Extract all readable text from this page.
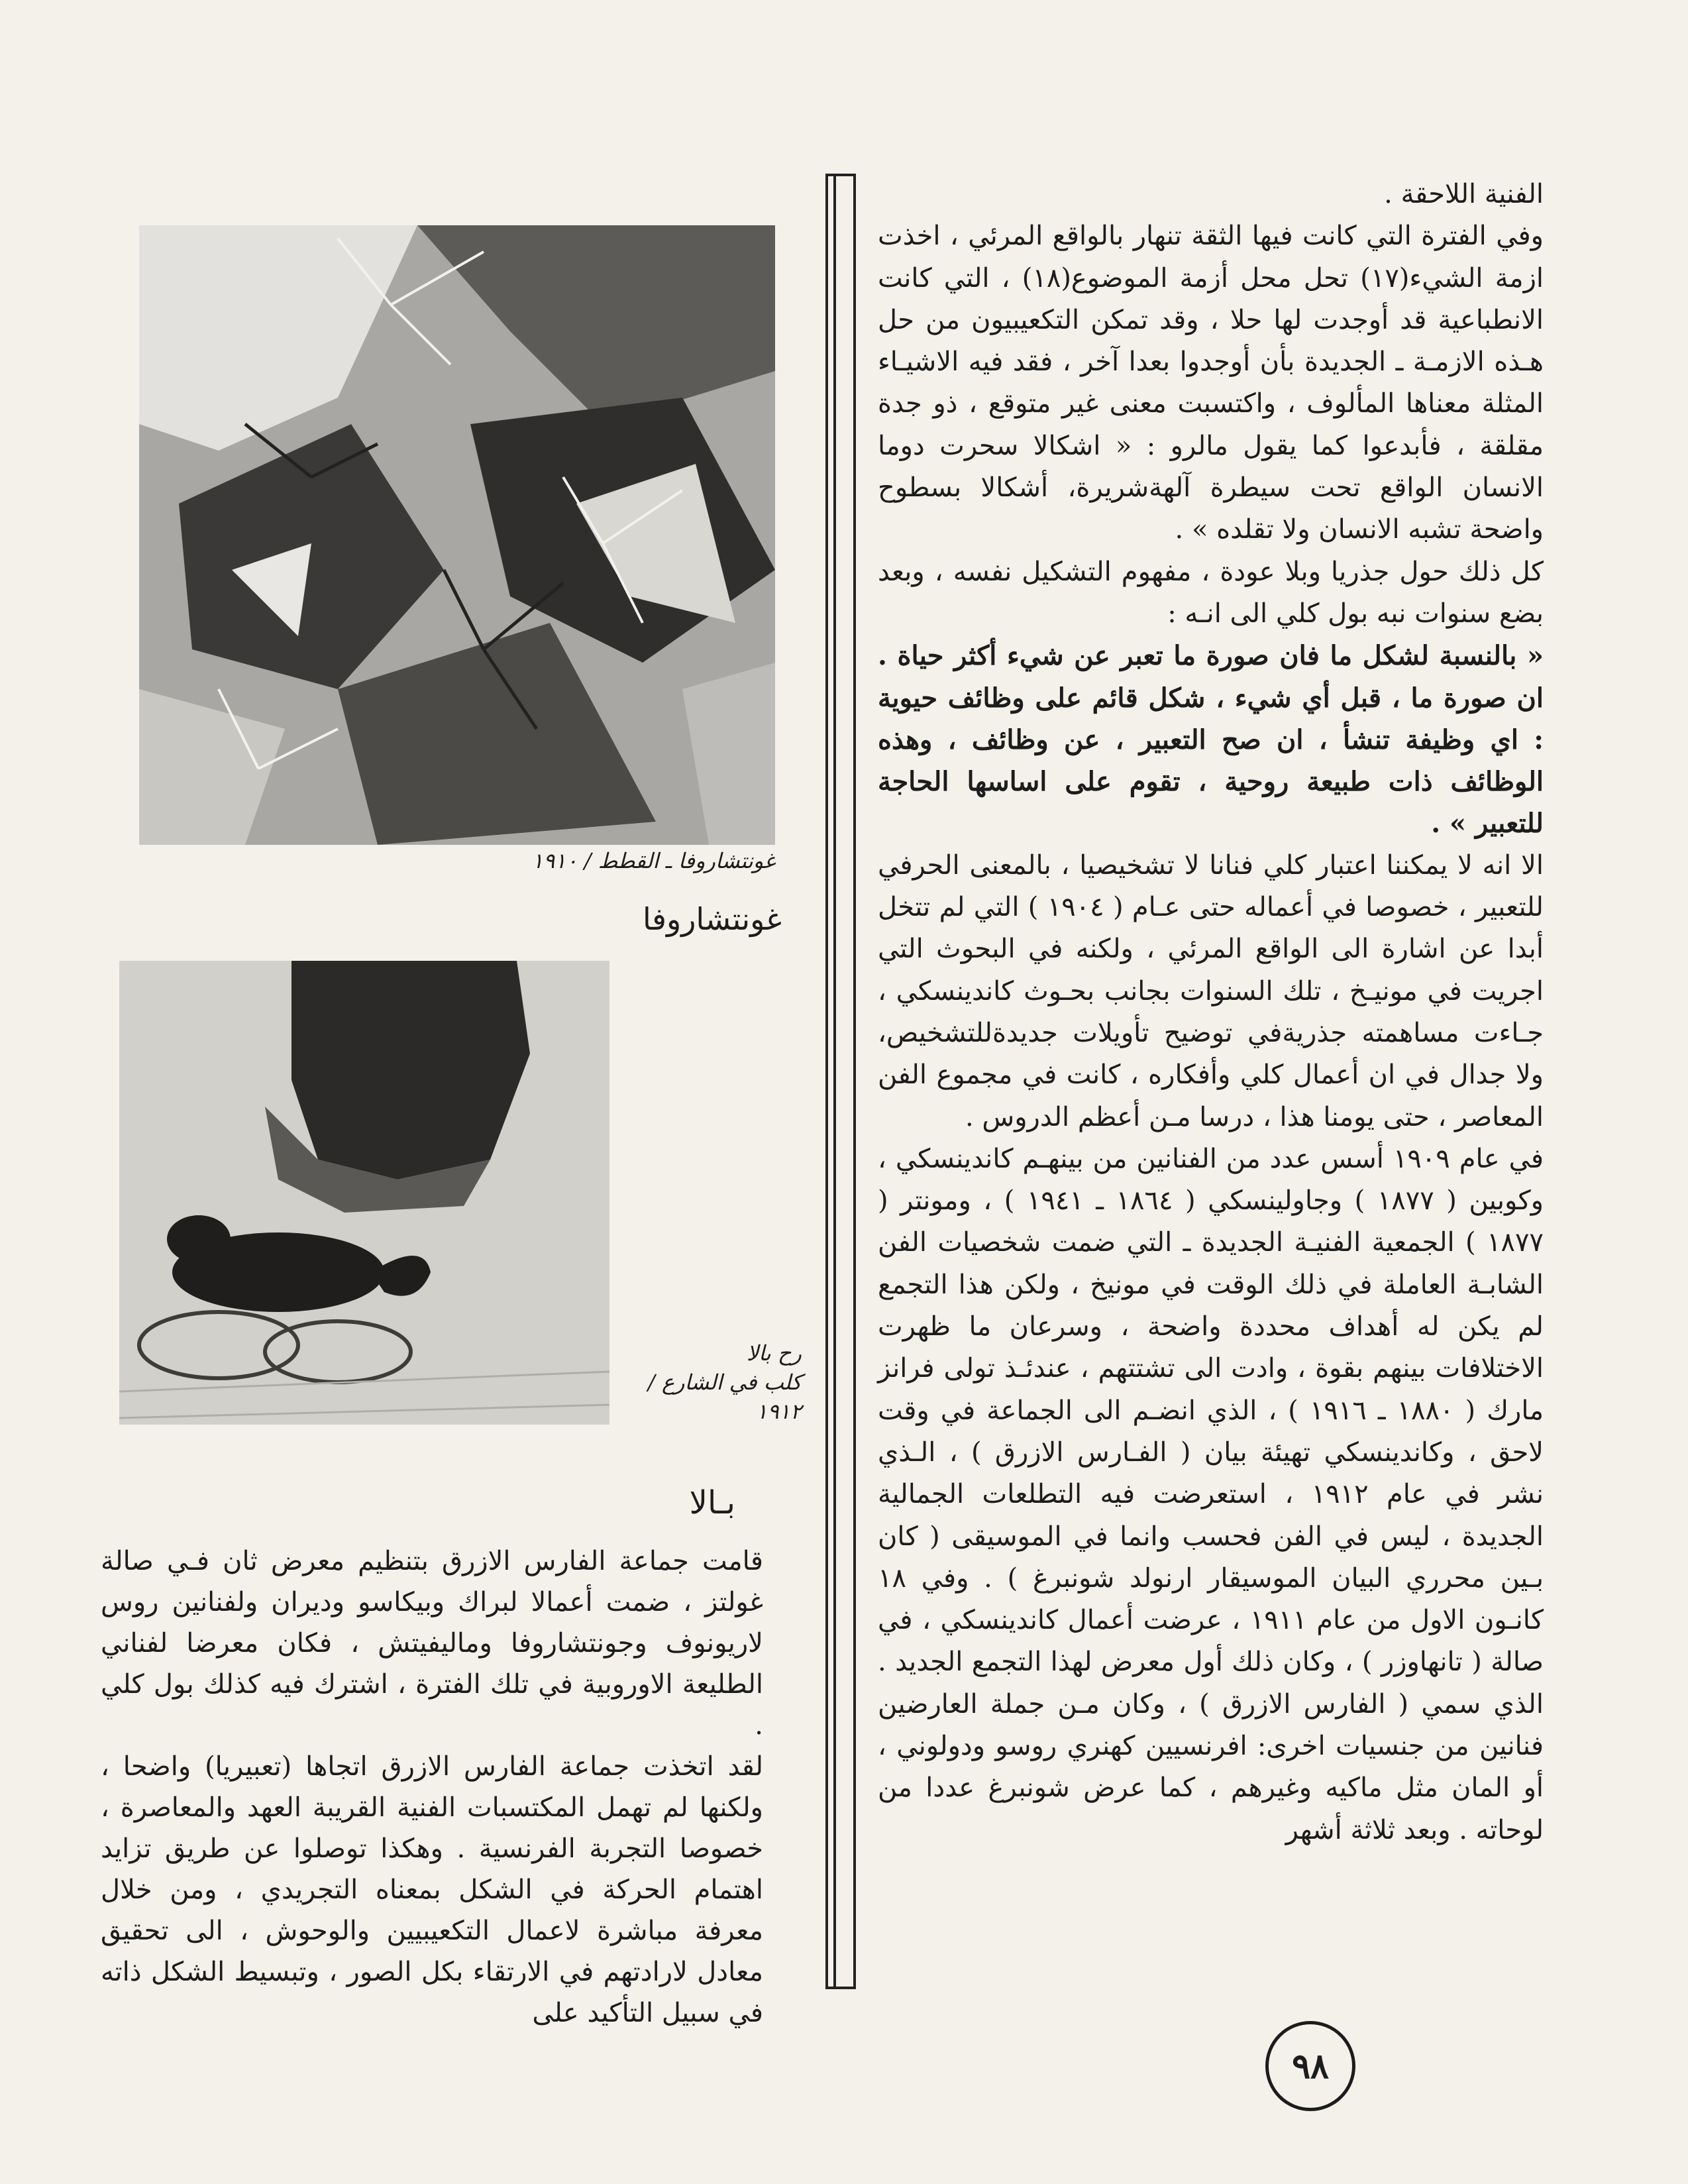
الفنية اللاحقة .

وفي الفترة التي كانت فيها الثقة تنهار بالواقع المرئي ، اخذت ازمة الشيء(١٧) تحل محل أزمة الموضوع(١٨) ، التي كانت الانطباعية قد أوجدت لها حلا ، وقد تمكن التكعيبيون من حل هـذه الازمـة ـ الجديدة بأن أوجدوا بعدا آخر ، فقد فيه الاشيـاء المثلة معناها المألوف ، واكتسبت معنى غير متوقع ، ذو جدة مقلقة ، فأبدعوا كما يقول مالرو : « اشكالا سحرت دوما الانسان الواقع تحت سيطرة آلهةشريرة، أشكالا بسطوح واضحة تشبه الانسان ولا تقلده » .

كل ذلك حول جذريا وبلا عودة ، مفهوم التشكيل نفسه ، وبعد بضع سنوات نبه بول كلي الى انـه :

« بالنسبة لشكل ما فان صورة ما تعبر عن شيء أكثر حياة . ان صورة ما ، قبل أي شيء ، شكل قائم على وظائف حيوية : اي وظيفة تنشأ ، ان صح التعبير ، عن وظائف ، وهذه الوظائف ذات طبيعة روحية ، تقوم على اساسها الحاجة للتعبير » .

الا انه لا يمكننا اعتبار كلي فنانا لا تشخيصيا ، بالمعنى الحرفي للتعبير ، خصوصا في أعماله حتى عـام ( ١٩٠٤ ) التي لم تتخل أبدا عن اشارة الى الواقع المرئي ، ولكنه في البحوث التي اجريت في مونيـخ ، تلك السنوات بجانب بحـوث كاندينسكي ، جـاءت مساهمته جذريةفي توضيح تأويلات جديدةللتشخيص، ولا جدال في ان أعمال كلي وأفكاره ، كانت في مجموع الفن المعاصر ، حتى يومنا هذا ، درسا مـن أعظم الدروس .

في عام ١٩٠٩ أسس عدد من الفنانين من بينهـم كاندينسكي ، وكوبين ( ١٨٧٧ ) وجاولينسكي ( ١٨٦٤ ـ ١٩٤١ ) ، ومونتر ( ١٨٧٧ ) الجمعية الفنيـة الجديدة ـ التي ضمت شخصيات الفن الشابـة العاملة في ذلك الوقت في مونيخ ، ولكن هذا التجمع لم يكن له أهداف محددة واضحة ، وسرعان ما ظهرت الاختلافات بينهم بقوة ، وادت الى تشتتهم ، عندئـذ تولى فرانز مارك ( ١٨٨٠ ـ ١٩١٦ ) ، الذي انضـم الى الجماعة في وقت لاحق ، وكاندينسكي تهيئة بيان ( الفـارس الازرق ) ، الـذي نشر في عام ١٩١٢ ، استعرضت فيه التطلعات الجمالية الجديدة ، ليس في الفن فحسب وانما في الموسيقى ( كان بـين محرري البيان الموسيقار ارنولد شونبرغ ) . وفي ١٨ كانـون الاول من عام ١٩١١ ، عرضت أعمال كاندينسكي ، في صالة ( تانهاوزر ) ، وكان ذلك أول معرض لهذا التجمع الجديد . الذي سمي ( الفارس الازرق ) ، وكان مـن جملة العارضين فنانين من جنسيات اخرى: افرنسيين كهنري روسو ودولوني ، أو المان مثل ماكيه وغيرهم ، كما عرض شونبرغ عددا من لوحاته . وبعد ثلاثة أشهر

غونتشاروفا ـ القطط / ١٩١٠
غونتشاروفا
رح بالا
كلب في الشارع / ١٩١٢
بـالا

قامت جماعة الفارس الازرق بتنظيم معرض ثان فـي صالة غولتز ، ضمت أعمالا لبراك وبيكاسو وديران ولفنانين روس لاريونوف وجونتشاروفا وماليفيتش ، فكان معرضا لفناني الطليعة الاوروبية في تلك الفترة ، اشترك فيه كذلك بول كلي .

لقد اتخذت جماعة الفارس الازرق اتجاها (تعبيريا) واضحا ، ولكنها لم تهمل المكتسبات الفنية القريبة العهد والمعاصرة ، خصوصا التجربة الفرنسية . وهكذا توصلوا عن طريق تزايد اهتمام الحركة في الشكل بمعناه التجريدي ، ومن خلال معرفة مباشرة لاعمال التكعيبيين والوحوش ، الى تحقيق معادل لارادتهم في الارتقاء بكل الصور ، وتبسيط الشكل ذاته في سبيل التأكيد على

٩٨
